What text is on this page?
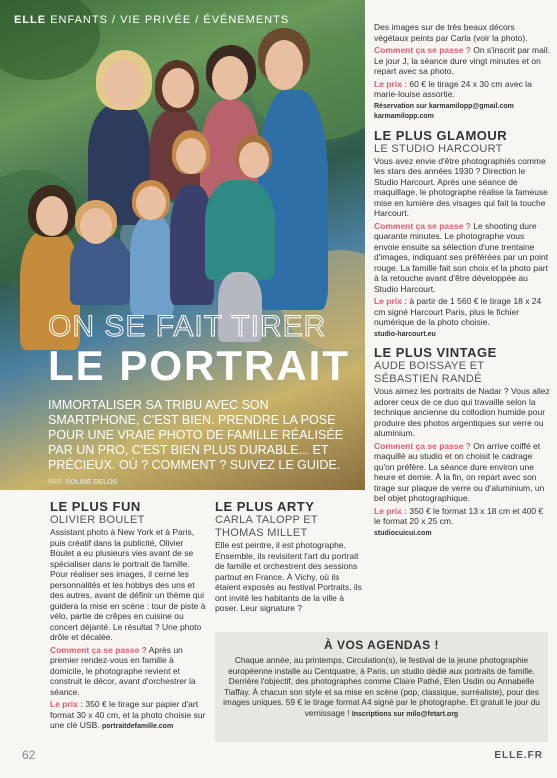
ELLE ENFANTS / VIE PRIVÉE / ÉVÉNEMENTS
ON SE FAIT TIRER
LE PORTRAIT
IMMORTALISER SA TRIBU AVEC SON SMARTPHONE, C'EST BIEN. PRENDRE LA POSE POUR UNE VRAIE PHOTO DE FAMILLE RÉALISÉE PAR UN PRO, C'EST BIEN PLUS DURABLE... ET PRÉCIEUX. OÙ ? COMMENT ? SUIVEZ LE GUIDE. PAR SOLINE DELOS

Des images sur de très beaux décors végétaux peints par Carla (voir la photo).

Comment ça se passe ? On s'inscrit par mail. Le jour J, la séance dure vingt minutes et on repart avec sa photo.

Le prix : 60 € le tirage 24 x 30 cm avec la marie-louise assortie.

Réservation sur karmamilopp@gmail.com karmamilopp.com

LE PLUS GLAMOUR
LE STUDIO HARCOURT

Vous avez envie d'être photographiés comme les stars des années 1930 ? Direction le Studio Harcourt. Après une séance de maquillage, le photographe réalise la fameuse mise en lumière des visages qui fait la touche Harcourt.

Comment ça se passe ? Le shooting dure quarante minutes. Le photographe vous envoie ensuite sa sélection d'une trentaine d'images, indiquant ses préférées par un point rouge. La famille fait son choix et la photo part à la retouche avant d'être développée au Studio Harcourt.

Le prix : à partir de 1 560 € le tirage 18 x 24 cm signé Harcourt Paris, plus le fichier numérique de la photo choisie.

studio-harcourt.eu

LE PLUS VINTAGE
AUDE BOISSAYE ET SÉBASTIEN RANDÉ

Vous aimez les portraits de Nadar ? Vous allez adorer ceux de ce duo qui travaille selon la technique ancienne du collodion humide pour produire des photos argentiques sur verre ou aluminium.

Comment ça se passe ? On arrive coiffé et maquillé au studio et on choisit le cadrage qu'on préfère. La séance dure environ une heure et demie. À la fin, on repart avec son tirage sur plaque de verre ou d'aluminium, un bel objet photographique.

Le prix : 350 € le format 13 x 18 cm et 400 € le format 20 x 25 cm.

studiocuicui.com

LE PLUS FUN
OLIVIER BOULET

Assistant photo à New York et à Paris, puis créatif dans la publicité, Olivier Boulet a eu plusieurs vies avant de se spécialiser dans le portrait de famille. Pour réaliser ses images, il cerne les personnalités et les hobbys des uns et des autres, avant de définir un thème qui guidera la mise en scène : tour de piste à vélo, partie de crêpes en cuisine ou concert déjanté. Le résultat ? Une photo drôle et décalée.

Comment ça se passe ? Après un premier rendez-vous en famille à domicile, le photographe revient et construit le décor, avant d'orchestrer la séance.

Le prix : 350 € le tirage sur papier d'art format 30 x 40 cm, et la photo choisie sur une clé USB. portraitdefamille.com

LE PLUS ARTY
CARLA TALOPP ET THOMAS MILLET

Elle est peintre, il est photographe. Ensemble, ils revisitent l'art du portrait de famille et orchestrent des sessions partout en France. À Vichy, où ils étaient exposés au festival Portraits, ils ont invité les habitants de la ville à poser. Leur signature ?

À VOS AGENDAS !
Chaque année, au printemps, Circulation(s), le festival de la jeune photographie européenne installe au Centquatre, à Paris, un studio dédié aux portraits de famille. Derrière l'objectif, des photographes comme Claire Pathé, Elen Usdin ou Annabelle Tiaffay. À chacun son style et sa mise en scène (pop, classique, surréaliste), pour des images uniques. 59 € le tirage format A4 signé par le photographe. Et gratuit le jour du vernissage ! Inscriptions sur milo@fetart.org
62	ELLE.FR
